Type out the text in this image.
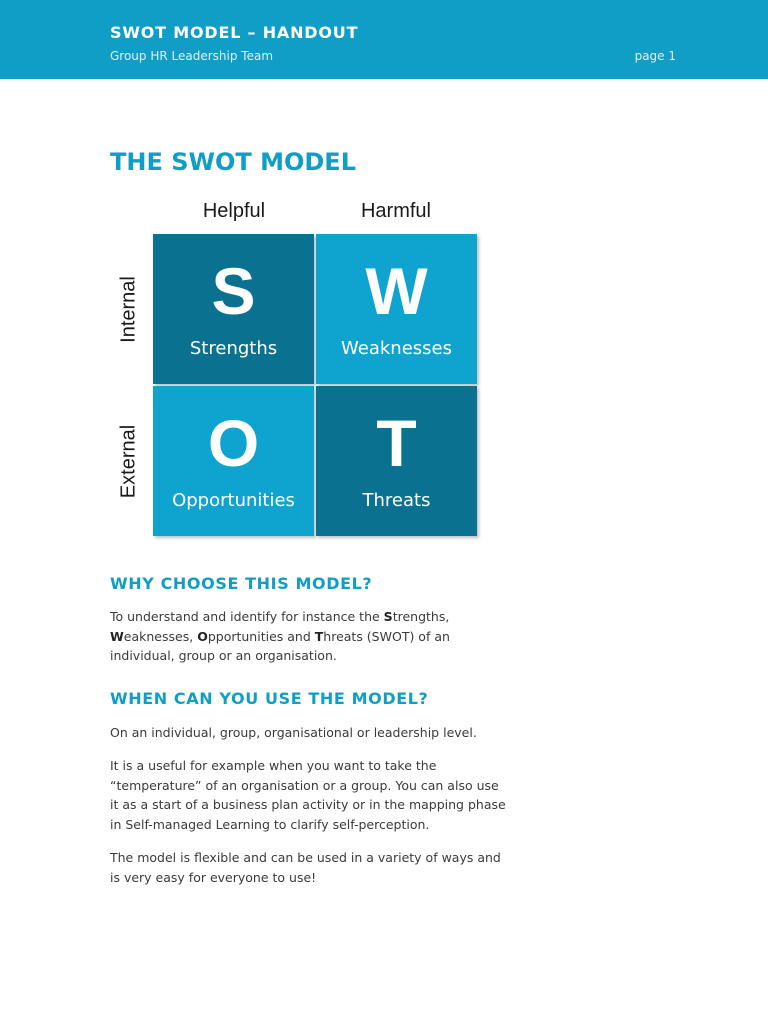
SWOT MODEL – HANDOUT
Group HR Leadership Team	page 1
THE SWOT MODEL
Helpful	Harmful
Internal
External
S
Strengths
W
Weaknesses
O
Opportunities
T
Threats
WHY CHOOSE THIS MODEL?

To understand and identify for instance the Strengths,
Weaknesses, Opportunities and Threats (SWOT) of an individual, group or an organisation.

WHEN CAN YOU USE THE MODEL?

On an individual, group, organisational or leadership level.

It is a useful for example when you want to take the “temperature” of an organisation or a group. You can also use it as a start of a business plan activity or in the mapping phase in Self-managed Learning to clarify self-perception.

The model is flexible and can be used in a variety of ways and is very easy for everyone to use!
